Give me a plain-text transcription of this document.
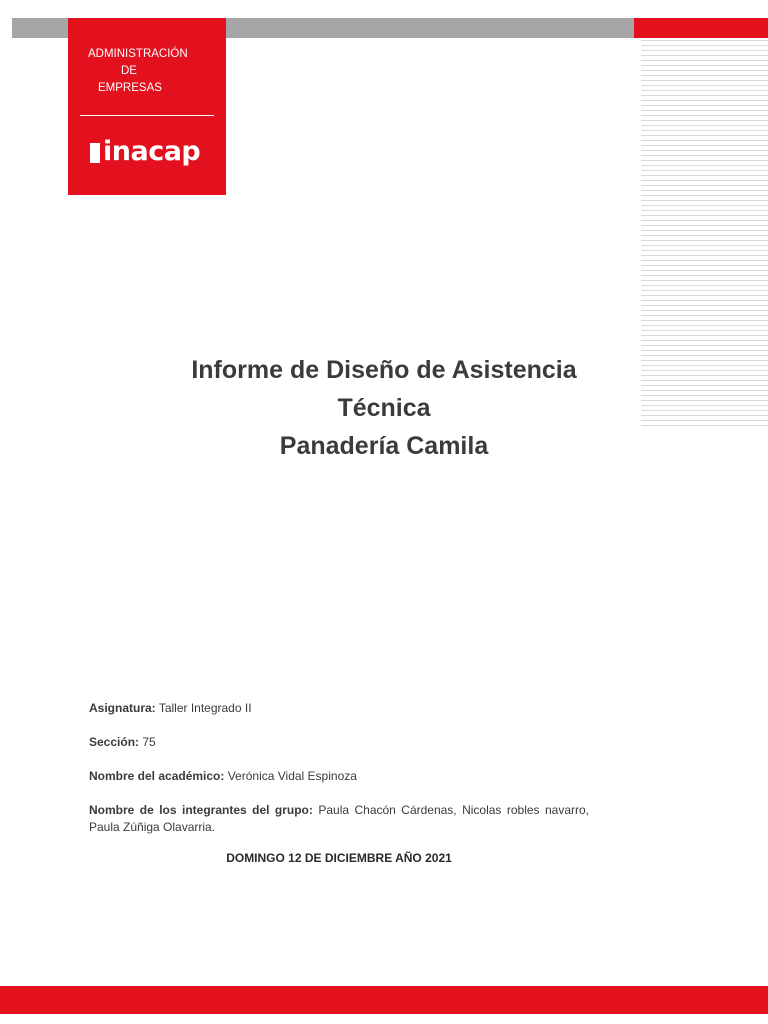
ADMINISTRACIÓN
DE
EMPRESAS
inacap
Informe de Diseño de Asistencia
Técnica
Panadería Camila

Asignatura: Taller Integrado II

Sección: 75

Nombre del académico: Verónica Vidal Espinoza

Nombre de los integrantes del grupo: Paula Chacón Cárdenas, Nicolas robles navarro, Paula Zúñiga Olavarria.

DOMINGO 12 DE DICIEMBRE AÑO 2021
